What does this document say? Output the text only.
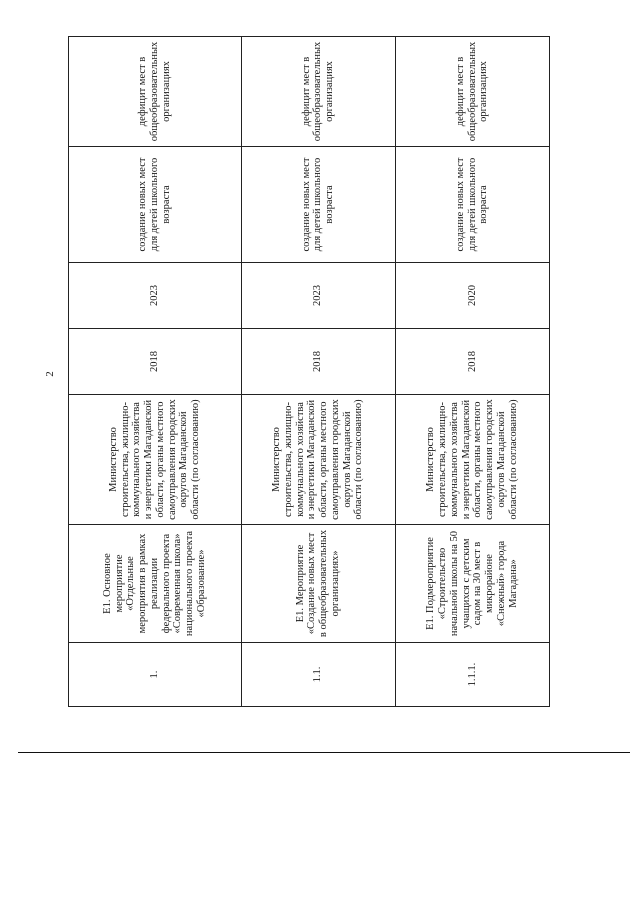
2
1.	E1. Основное мероприятие «Отдельные мероприятия в рамках реализации федерального проекта «Современная школа» национального проекта «Образование»	Министерство строительства, жилищно-коммунального хозяйства и энергетики Магаданской области, органы местного самоуправления городских округов Магаданской области (по согласованию)	2018	2023	создание новых мест для детей школьного возраста	дефицит мест в общеобразовательных организациях
1.1.	E1. Мероприятие «Создание новых мест в общеобразовательных организациях»	Министерство строительства, жилищно-коммунального хозяйства и энергетики Магаданской области, органы местного самоуправления городских округов Магаданской области (по согласованию)	2018	2023	создание новых мест для детей школьного возраста	дефицит мест в общеобразовательных организациях
1.1.1.	E1. Подмероприятие «Строительство начальной школы на 50 учащихся с детским садом на 30 мест в микрорайоне «Снежный» города Магадана»	Министерство строительства, жилищно-коммунального хозяйства и энергетики Магаданской области, органы местного самоуправления городских округов Магаданской области (по согласованию)	2018	2020	создание новых мест для детей школьного возраста	дефицит мест в общеобразовательных организациях
